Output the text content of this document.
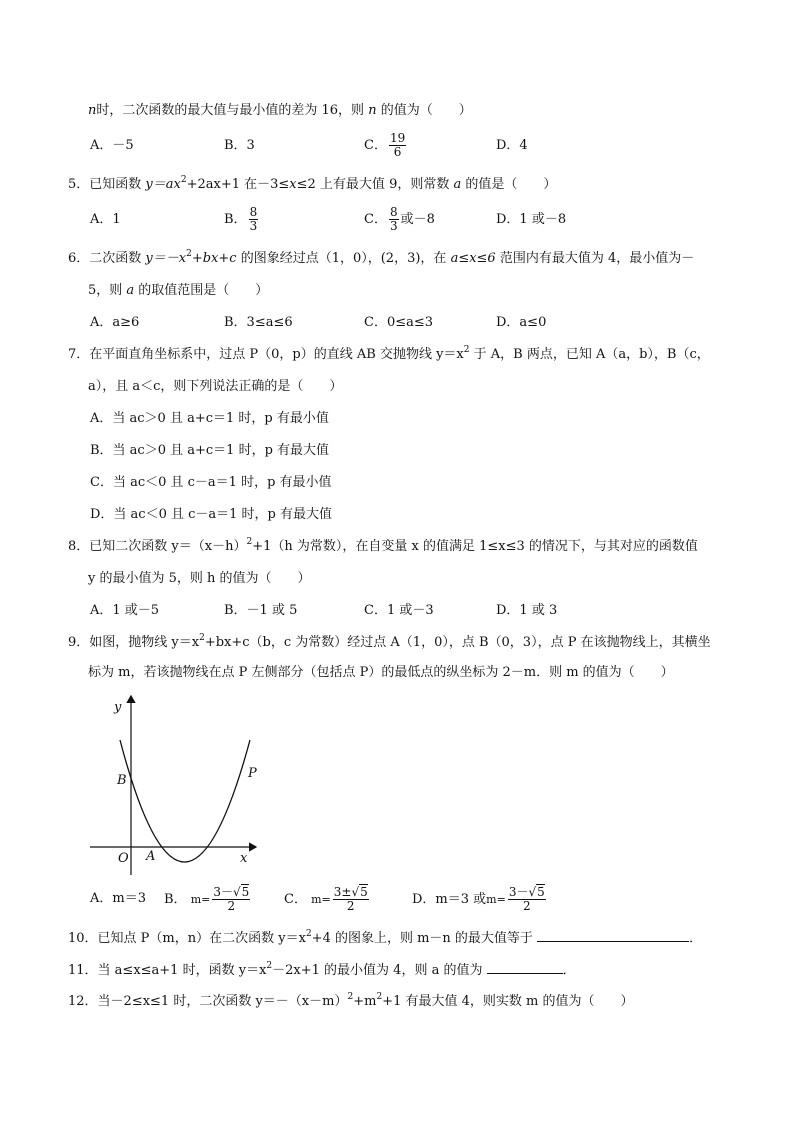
n时，二次函数的最大值与最小值的差为 16，则 n 的值为（　　）
A．－5	B．3	C． $\frac{19}{6}$	D．4
5．已知函数 $y=ax^2+2ax+1$ 在－3≤x≤2 上有最大值 9，则常数 a 的值是（　　）
A．1	B． $\frac{8}{3}$	C． $\frac{8}{3}$ 或－8	D．1 或－8
6．二次函数 $y=-x^2+bx+c$ 的图象经过点（1，0），(2，3)，在 a≤x≤6 范围内有最大值为 4，最小值为－
5，则 a 的取值范围是（　　）
A．a≥6	B．3≤a≤6	C．0≤a≤3	D．a≤0
7．在平面直角坐标系中，过点 P（0，p）的直线 AB 交抛物线 $y=x^2$ 于 A，B 两点，已知 A（a，b），B（c，
a），且 a＜c，则下列说法正确的是（　　）
A．当 ac＞0 且 a+c＝1 时，p 有最小值
B．当 ac＞0 且 a+c＝1 时，p 有最大值
C．当 ac＜0 且 c－a＝1 时，p 有最小值
D．当 ac＜0 且 c－a＝1 时，p 有最大值
8．已知二次函数 $y=(x-h)^2+1(h$ 为常数），在自变量 x 的值满足 1≤x≤3 的情况下，与其对应的函数值
y 的最小值为 5，则 h 的值为（　　）
A．1 或－5	B．－1 或 5	C．1 或－3	D．1 或 3
9．如图，抛物线 $y=x^2+bx+c(b$，c 为常数）经过点 A（1，0），点 B（0，3），点 P 在该抛物线上，其横坐
标为 m，若该抛物线在点 P 左侧部分（包括点 P）的最低点的纵坐标为 2－m．则 m 的值为（　　）
y
x
O A
B	P
A．m＝3 B． $m= \frac{3-√5}{2}$	C． $m= \frac{3\pm√5}{2}$	D．m＝3 或$m= \frac{3-√5}{2}$
10．已知点 P（m，n）在二次函数 $y=x^2+4$ 的图象上，则 m－n 的最大值等于	．
11．当 a≤x≤a+1 时，函数 $y=x^2-2x+1$ 的最小值为 4，则 a 的值为	．
12．当－2≤x≤1 时，二次函数 $y=-(x-m)^2+m^2+1$ 有最大值 4，则实数 m 的值为（　　）
